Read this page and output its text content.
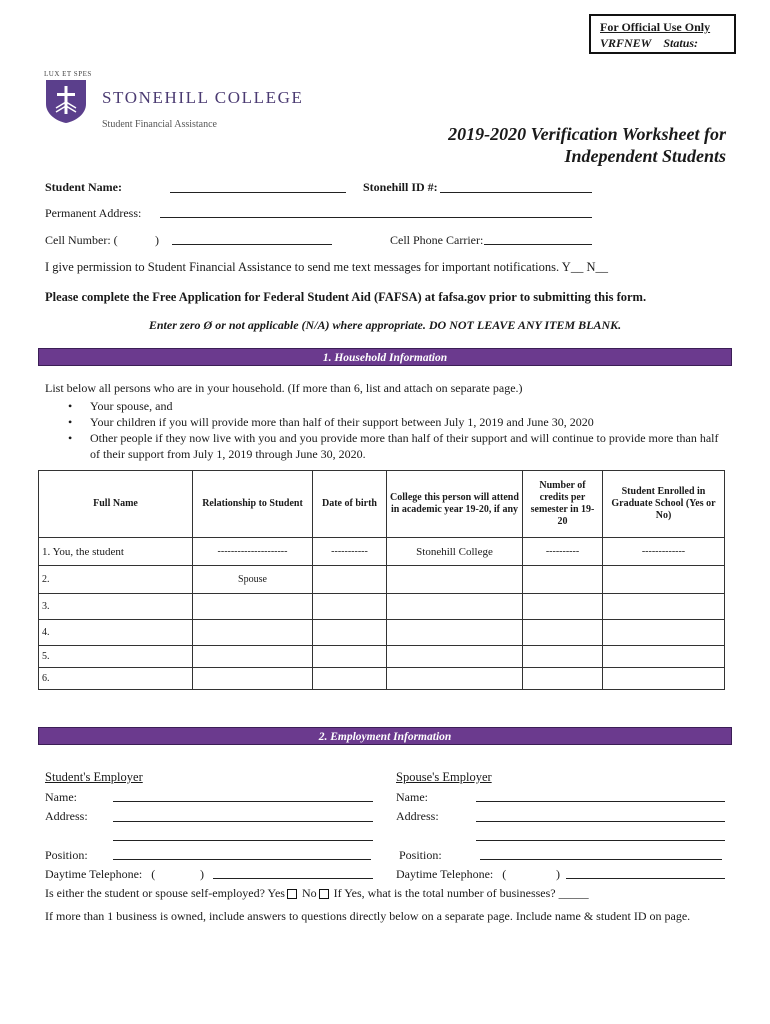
For Official Use Only
VRFNEW Status:
LUX ET SPES
STONEHILL COLLEGE
Student Financial Assistance	2019-2020 Verification Worksheet for
Independent Students
Student Name:	Stonehill ID #:
Permanent Address:
Cell Number: (	)	Cell Phone Carrier:
I give permission to Student Financial Assistance to send me text messages for important notifications. Y__ N__
Please complete the Free Application for Federal Student Aid (FAFSA) at fafsa.gov prior to submitting this form.
Enter zero Ø or not applicable (N/A) where appropriate. DO NOT LEAVE ANY ITEM BLANK.
1. Household Information
List below all persons who are in your household. (If more than 6, list and attach on separate page.)
• Your spouse, and
• Your children if you will provide more than half of their support between July 1, 2019 and June 30, 2020
• Other people if they now live with you and you provide more than half of their support and will continue to provide more than half of their support from July 1, 2019 through June 30, 2020.
Full Name	Relationship to Student	Date of birth	College this person will attend in academic year 19-20, if any	Number of credits per semester in 19-20	Student Enrolled in Graduate School (Yes or No)
1. You, the student	---------------------	-----------	Stonehill College	----------	-------------
2.	Spouse				
3.					
4.					
5.					
6.					
2. Employment Information
Student's Employer	Spouse's Employer
Name:	Name:
Address:	Address:
Position:	Position:
Daytime Telephone: (	)	Daytime Telephone: (	)
Is either the student or spouse self-employed? Yes No If Yes, what is the total number of businesses? _____
If more than 1 business is owned, include answers to questions directly below on a separate page. Include name & student ID on page.
